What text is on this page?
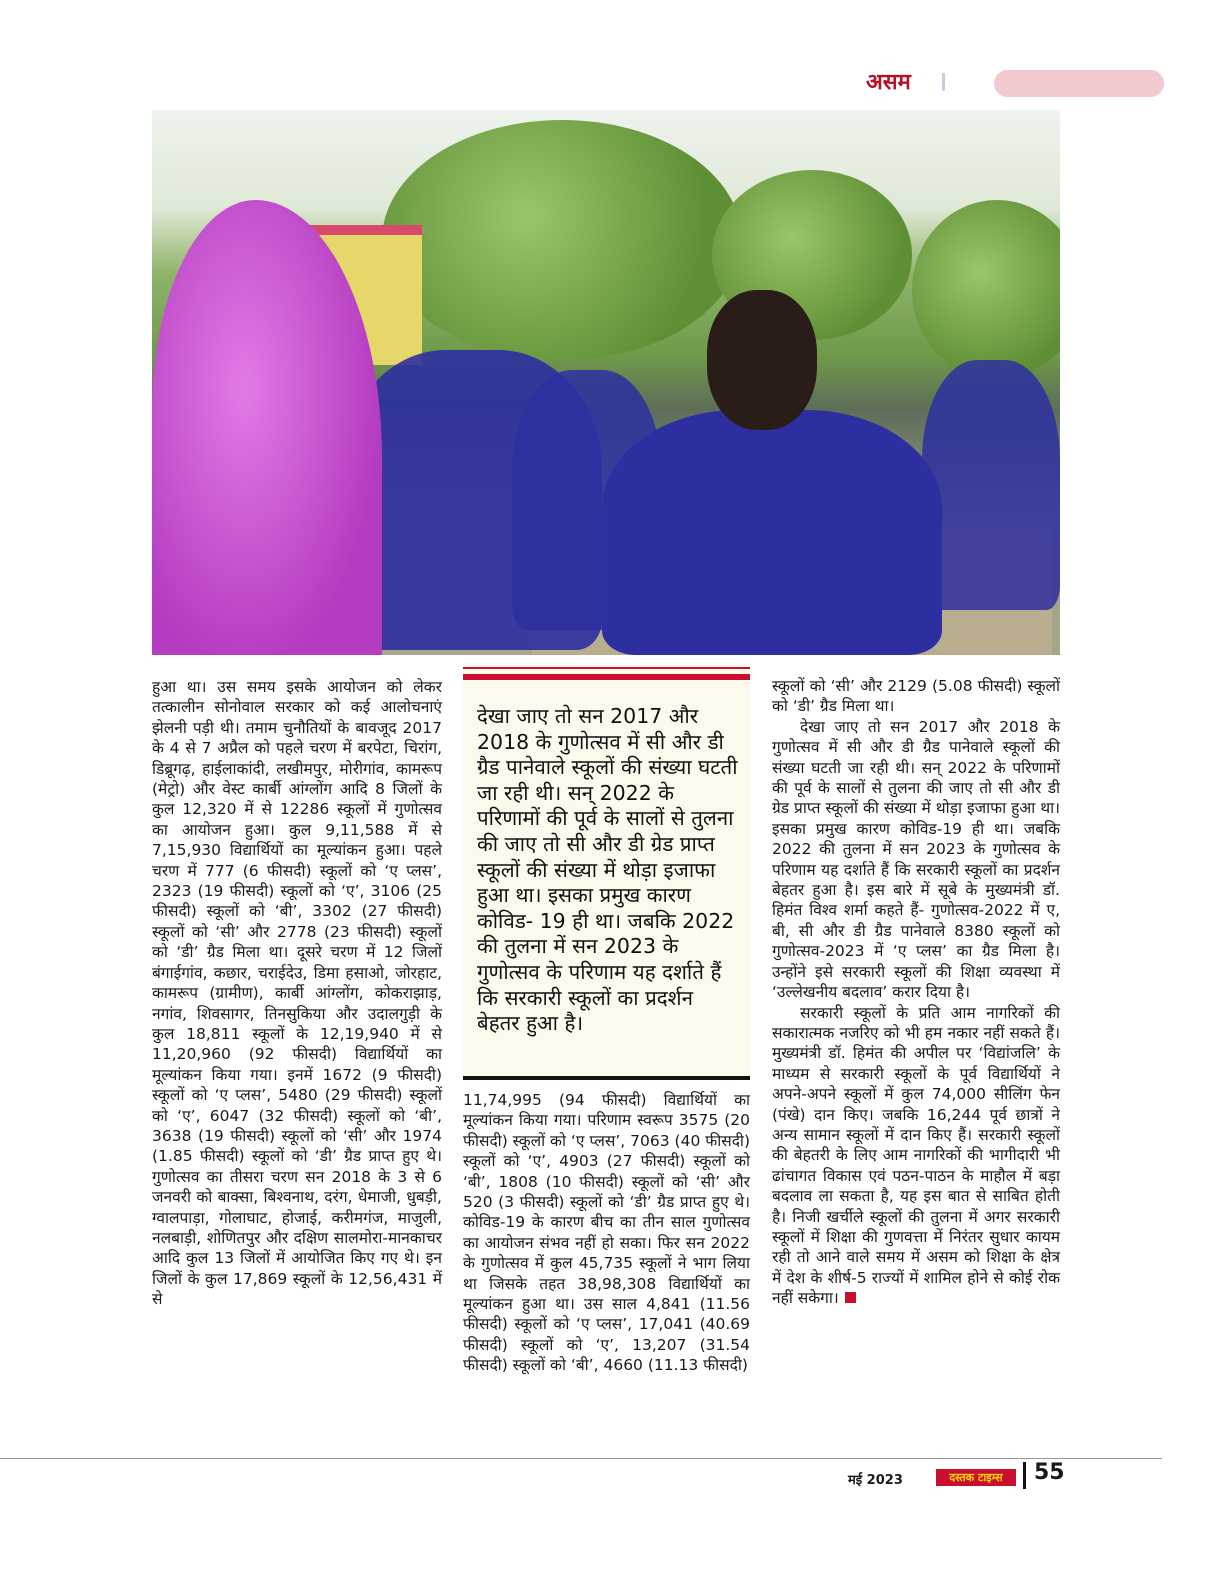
असम

हुआ था। उस समय इसके आयोजन को लेकर तत्कालीन सोनोवाल सरकार को कई आलोचनाएं झेलनी पड़ी थी। तमाम चुनौतियों के बावजूद 2017 के 4 से 7 अप्रैल को पहले चरण में बरपेटा, चिरांग, डिब्रूगढ़, हाईलाकांदी, लखीमपुर, मोरीगांव, कामरूप (मेट्रो) और वेस्ट कार्बी आंग्लोंग आदि 8 जिलों के कुल 12,320 में से 12286 स्कूलों में गुणोत्सव का आयोजन हुआ। कुल 9,11,588 में से 7,15,930 विद्यार्थियों का मूल्यांकन हुआ। पहले चरण में 777 (6 फीसदी) स्कूलों को ‘ए प्लस’, 2323 (19 फीसदी) स्कूलों को ‘ए’, 3106 (25 फीसदी) स्कूलों को ‘बी’, 3302 (27 फीसदी) स्कूलों को ‘सी’ और 2778 (23 फीसदी) स्कूलों को ‘डी’ ग्रैड मिला था। दूसरे चरण में 12 जिलों बंगाईगांव, कछार, चराईदेउ, डिमा हसाओ, जोरहाट, कामरूप (ग्रामीण), कार्बी आंग्लोंग, कोकराझाड़, नगांव, शिवसागर, तिनसुकिया और उदालगुड़ी के कुल 18,811 स्कूलों के 12,19,940 में से 11,20,960 (92 फीसदी) विद्यार्थियों का मूल्यांकन किया गया। इनमें 1672 (9 फीसदी) स्कूलों को ‘ए प्लस’, 5480 (29 फीसदी) स्कूलों को ‘ए’, 6047 (32 फीसदी) स्कूलों को ‘बी’, 3638 (19 फीसदी) स्कूलों को ‘सी’ और 1974 (1.85 फीसदी) स्कूलों को ‘डी’ ग्रैड प्राप्त हुए थे। गुणोत्सव का तीसरा चरण सन 2018 के 3 से 6 जनवरी को बाक्सा, बिश्वनाथ, दरंग, धेमाजी, धुबड़ी, ग्वालपाड़ा, गोलाघाट, होजाई, करीमगंज, माजुली, नलबाड़ी, शोणितपुर और दक्षिण सालमोरा-मानकाचर आदि कुल 13 जिलों में आयोजित किए गए थे। इन जिलों के कुल 17,869 स्कूलों के 12,56,431 में से

देखा जाए तो सन 2017 और 2018 के गुणोत्सव में सी और डी ग्रैड पानेवाले स्कूलों की संख्या घटती जा रही थी। सन् 2022 के परिणामों की पूर्व के सालों से तुलना की जाए तो सी और डी ग्रेड प्राप्त स्कूलों की संख्या में थोड़ा इजाफा हुआ था। इसका प्रमुख कारण कोविड- 19 ही था। जबकि 2022 की तुलना में सन 2023 के गुणोत्सव के परिणाम यह दर्शाते हैं कि सरकारी स्कूलों का प्रदर्शन बेहतर हुआ है।

11,74,995 (94 फीसदी) विद्यार्थियों का मूल्यांकन किया गया। परिणाम स्वरूप 3575 (20 फीसदी) स्कूलों को ‘ए प्लस’, 7063 (40 फीसदी) स्कूलों को ‘ए’, 4903 (27 फीसदी) स्कूलों को ‘बी’, 1808 (10 फीसदी) स्कूलों को ‘सी’ और 520 (3 फीसदी) स्कूलों को ‘डी’ ग्रैड प्राप्त हुए थे। कोविड-19 के कारण बीच का तीन साल गुणोत्सव का आयोजन संभव नहीं हो सका। फिर सन 2022 के गुणोत्सव में कुल 45,735 स्कूलों ने भाग लिया था जिसके तहत 38,98,308 विद्यार्थियों का मूल्यांकन हुआ था। उस साल 4,841 (11.56 फीसदी) स्कूलों को ‘ए प्लस’, 17,041 (40.69 फीसदी) स्कूलों को ‘ए’, 13,207 (31.54 फीसदी) स्कूलों को ‘बी’, 4660 (11.13 फीसदी)

स्कूलों को ‘सी’ और 2129 (5.08 फीसदी) स्कूलों को ‘डी’ ग्रैड मिला था।

देखा जाए तो सन 2017 और 2018 के गुणोत्सव में सी और डी ग्रैड पानेवाले स्कूलों की संख्या घटती जा रही थी। सन् 2022 के परिणामों की पूर्व के सालों से तुलना की जाए तो सी और डी ग्रेड प्राप्त स्कूलों की संख्या में थोड़ा इजाफा हुआ था। इसका प्रमुख कारण कोविड-19 ही था। जबकि 2022 की तुलना में सन 2023 के गुणोत्सव के परिणाम यह दर्शाते हैं कि सरकारी स्कूलों का प्रदर्शन बेहतर हुआ है। इस बारे में सूबे के मुख्यमंत्री डॉ. हिमंत विश्व शर्मा कहते हैं- गुणोत्सव-2022 में ए, बी, सी और डी ग्रैड पानेवाले 8380 स्कूलों को गुणोत्सव-2023 में ‘ए प्लस’ का ग्रैड मिला है। उन्होंने इसे सरकारी स्कूलों की शिक्षा व्यवस्था में ‘उल्लेखनीय बदलाव’ करार दिया है।

सरकारी स्कूलों के प्रति आम नागरिकों की सकारात्मक नजरिए को भी हम नकार नहीं सकते हैं। मुख्यमंत्री डॉ. हिमंत की अपील पर ‘विद्यांजलि’ के माध्यम से सरकारी स्कूलों के पूर्व विद्यार्थियों ने अपने-अपने स्कूलों में कुल 74,000 सीलिंग फेन (पंखे) दान किए। जबकि 16,244 पूर्व छात्रों ने अन्य सामान स्कूलों में दान किए हैं। सरकारी स्कूलों की बेहतरी के लिए आम नागरिकों की भागीदारी भी ढांचागत विकास एवं पठन-पाठन के माहौल में बड़ा बदलाव ला सकता है, यह इस बात से साबित होती है। निजी खर्चीले स्कूलों की तुलना में अगर सरकारी स्कूलों में शिक्षा की गुणवत्ता में निरंतर सुधार कायम रही तो आने वाले समय में असम को शिक्षा के क्षेत्र में देश के शीर्ष-5 राज्यों में शामिल होने से कोई रोक नहीं सकेगा।

मई 2023	दस्तक टाइम्स	55
